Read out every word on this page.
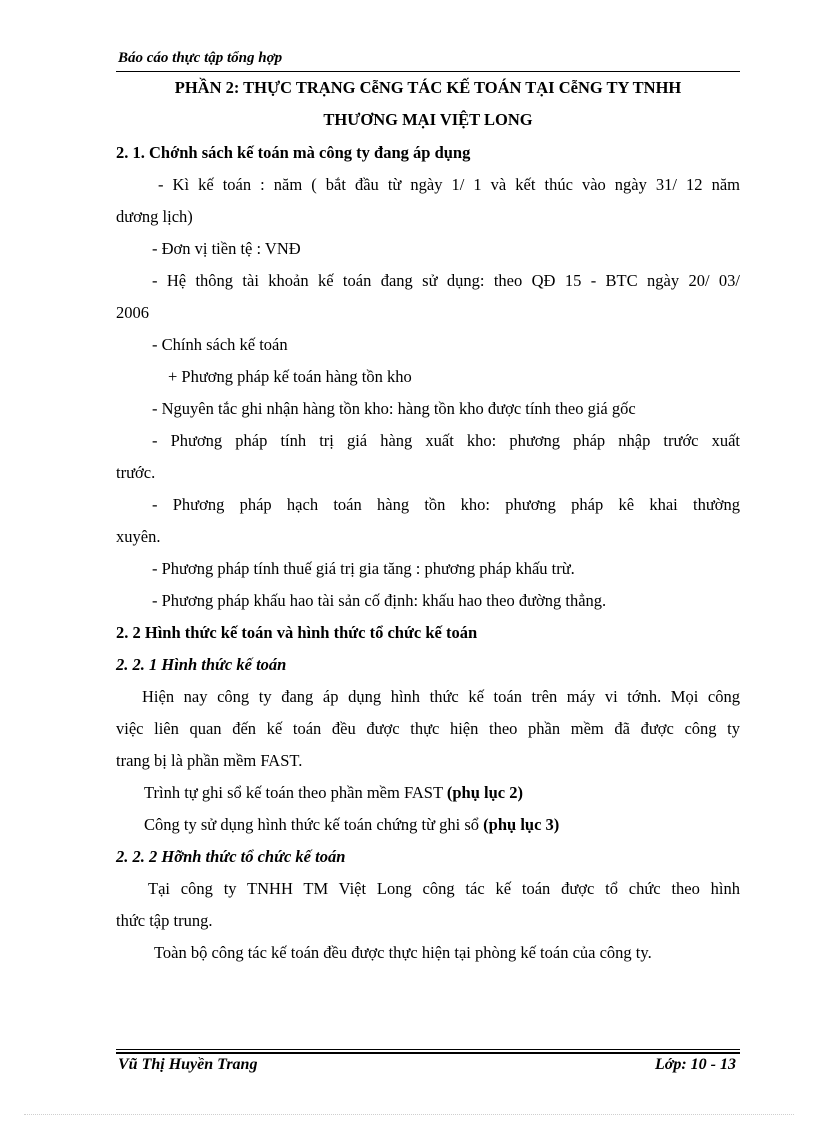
Báo cáo thực tập tổng hợp
PHẦN 2: THỰC TRẠNG CễNG TÁC KẾ TOÁN TẠI CễNG TY TNHH
THƯƠNG MẠI VIỆT LONG
2. 1. Chớnh sách kế toán mà công ty đang áp dụng
- Kì kế toán : năm ( bắt đầu từ ngày 1/ 1 và kết thúc vào ngày 31/ 12 năm
dương lịch)
- Đơn vị tiền tệ : VNĐ
- Hệ thông tài khoản kế toán đang sử dụng: theo QĐ 15 - BTC ngày 20/ 03/
2006
- Chính sách kế toán
+ Phương pháp kế toán hàng tồn kho
- Nguyên tắc ghi nhận hàng tồn kho: hàng tồn kho được tính theo giá gốc
- Phương pháp tính trị giá hàng xuất kho: phương pháp nhập trước xuất
trước.
- Phương pháp hạch toán hàng tồn kho: phương pháp kê khai thường
xuyên.
- Phương pháp tính thuế giá trị gia tăng : phương pháp khấu trừ.
- Phương pháp khấu hao tài sản cố định: khấu hao theo đường thẳng.
2. 2 Hình thức kế toán và hình thức tổ chức kế toán
2. 2. 1 Hình thức kế toán
Hiện nay công ty đang áp dụng hình thức kế toán trên máy vi tớnh. Mọi công
việc liên quan đến kế toán đều được thực hiện theo phần mềm đã được công ty
trang bị là phần mềm FAST.
Trình tự ghi sổ kế toán theo phần mềm FAST (phụ lục 2)
Công ty sử dụng hình thức kế toán chứng từ ghi sổ (phụ lục 3)
2. 2. 2 Hỡnh thức tổ chức kế toán
Tại công ty TNHH TM Việt Long công tác kế toán được tổ chức theo hình
thức tập trung.
Toàn bộ công tác kế toán đều được thực hiện tại phòng kế toán của công ty.
Vũ Thị Huyền Trang	Lớp: 10 - 13
